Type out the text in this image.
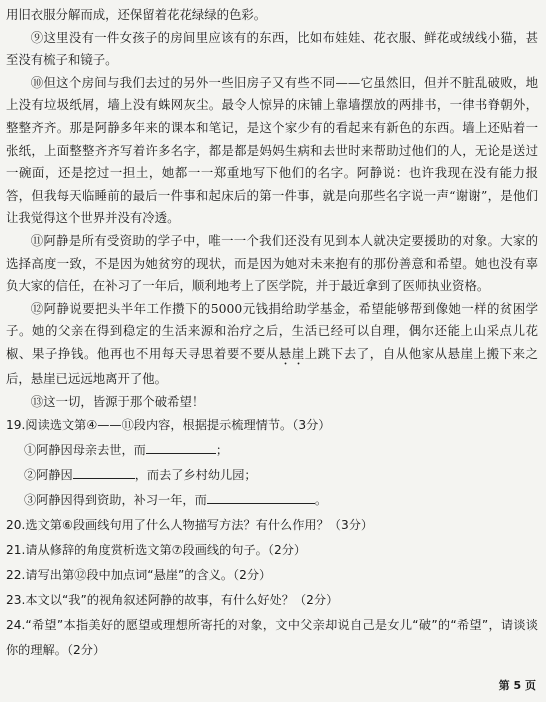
用旧衣服分解而成，还保留着花花绿绿的色彩。

⑨这里没有一件女孩子的房间里应该有的东西，比如布娃娃、花衣服、鲜花或绒线小猫，甚至没有梳子和镜子。

⑩但这个房间与我们去过的另外一些旧房子又有些不同——它虽然旧，但并不脏乱破败，地上没有垃圾纸屑，墙上没有蛛网灰尘。最令人惊异的床铺上靠墙摆放的两排书，一律书脊朝外，整整齐齐。那是阿静多年来的课本和笔记，是这个家少有的看起来有新色的东西。墙上还贴着一张纸，上面整整齐齐写着许多名字，都是都是妈妈生病和去世时来帮助过他们的人，无论是送过一碗面，还是挖过一担土，她都一一郑重地写下他们的名字。阿静说：也许我现在没有能力报答，但我每天临睡前的最后一件事和起床后的第一件事，就是向那些名字说一声“谢谢”，是他们让我觉得这个世界并没有冷透。

⑪阿静是所有受资助的学子中，唯一一个我们还没有见到本人就决定要援助的对象。大家的选择高度一致，不是因为她贫穷的现状，而是因为她对未来抱有的那份善意和希望。她也没有辜负大家的信任，在补习了一年后，顺利地考上了医学院，并于最近拿到了医师执业资格。

⑫阿静说要把头半年工作攒下的5000元钱捐给助学基金，希望能够帮到像她一样的贫困学子。她的父亲在得到稳定的生活来源和治疗之后，生活已经可以自理，偶尔还能上山采点儿花椒、果子挣钱。他再也不用每天寻思着要不要从悬崖上跳下去了，自从他家从悬崖上搬下来之后，悬崖已远远地离开了他。

⑬这一切，皆源于那个破希望！

19.阅读选文第④——⑪段内容，根据提示梳理情节。（3分）

①阿静因母亲去世，而	；

②阿静因	，而去了乡村幼儿园；

③阿静因得到资助，补习一年，而	。

20.选文第⑥段画线句用了什么人物描写方法？有什么作用？（3分）

21.请从修辞的角度赏析选文第⑦段画线的句子。（2分）

22.请写出第⑫段中加点词“悬崖”的含义。（2分）

23.本文以“我”的视角叙述阿静的故事，有什么好处？（2分）

24.“希望”本指美好的愿望或理想所寄托的对象，文中父亲却说自己是女儿“破”的“希望”，请谈谈你的理解。（2分）

第 5 页
